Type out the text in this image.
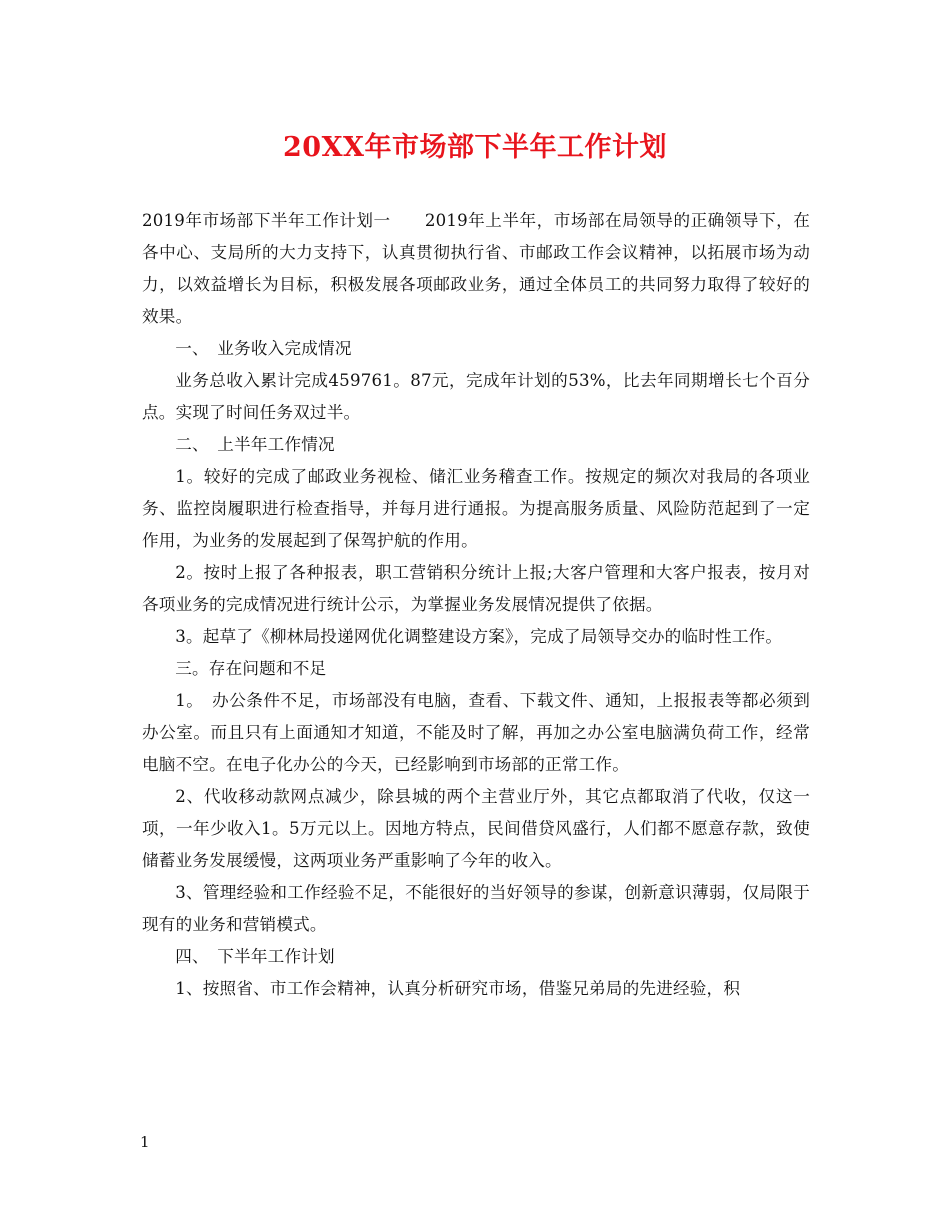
20XX年市场部下半年工作计划

2019年市场部下半年工作计划一　　2019年上半年，市场部在局领导的正确领导下，在各中心、支局所的大力支持下，认真贯彻执行省、市邮政工作会议精神，以拓展市场为动力，以效益增长为目标，积极发展各项邮政业务，通过全体员工的共同努力取得了较好的效果。

一、　业务收入完成情况

业务总收入累计完成459761。87元，完成年计划的53%，比去年同期增长七个百分点。实现了时间任务双过半。

二、　上半年工作情况

1。较好的完成了邮政业务视检、储汇业务稽查工作。按规定的频次对我局的各项业务、监控岗履职进行检查指导，并每月进行通报。为提高服务质量、风险防范起到了一定作用，为业务的发展起到了保驾护航的作用。

2。按时上报了各种报表，职工营销积分统计上报;大客户管理和大客户报表，按月对各项业务的完成情况进行统计公示，为掌握业务发展情况提供了依据。

3。起草了《柳林局投递网优化调整建设方案》，完成了局领导交办的临时性工作。

三。存在问题和不足

1。　办公条件不足，市场部没有电脑，查看、下载文件、通知，上报报表等都必须到办公室。而且只有上面通知才知道，不能及时了解，再加之办公室电脑满负荷工作，经常电脑不空。在电子化办公的今天，已经影响到市场部的正常工作。

2、代收移动款网点减少，除县城的两个主营业厅外，其它点都取消了代收，仅这一项，一年少收入1。5万元以上。因地方特点，民间借贷风盛行，人们都不愿意存款，致使储蓄业务发展缓慢，这两项业务严重影响了今年的收入。

3、管理经验和工作经验不足，不能很好的当好领导的参谋，创新意识薄弱，仅局限于现有的业务和营销模式。

四、　下半年工作计划

1、按照省、市工作会精神，认真分析研究市场，借鉴兄弟局的先进经验，积

1
